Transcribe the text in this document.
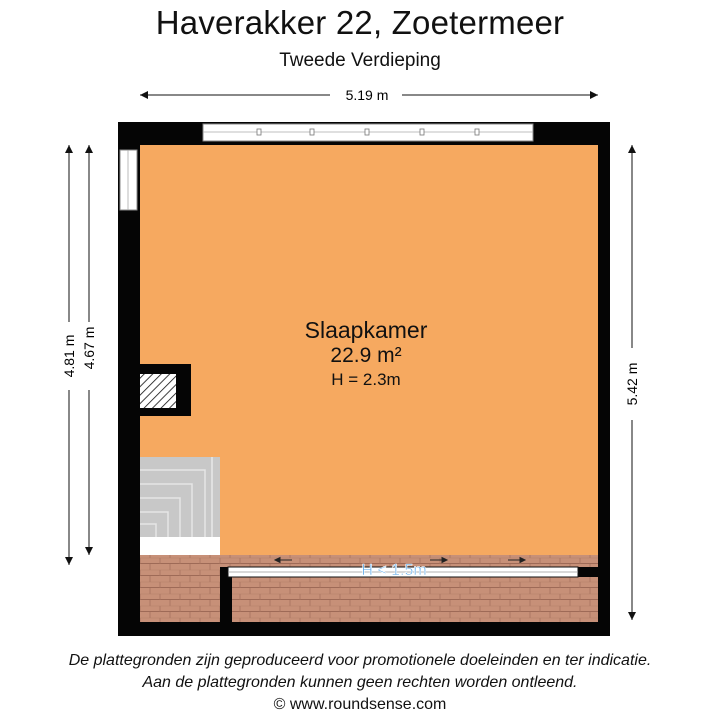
Haverakker 22, Zoetermeer
Tweede Verdieping
5.19 m
4.81 m 4.67 m
5.42 m
Slaapkamer
22.9 m²
H = 2.3m
H < 1.5m
De plattegronden zijn geproduceerd voor promotionele doeleinden en ter indicatie.
Aan de plattegronden kunnen geen rechten worden ontleend.
© www.roundsense.com
